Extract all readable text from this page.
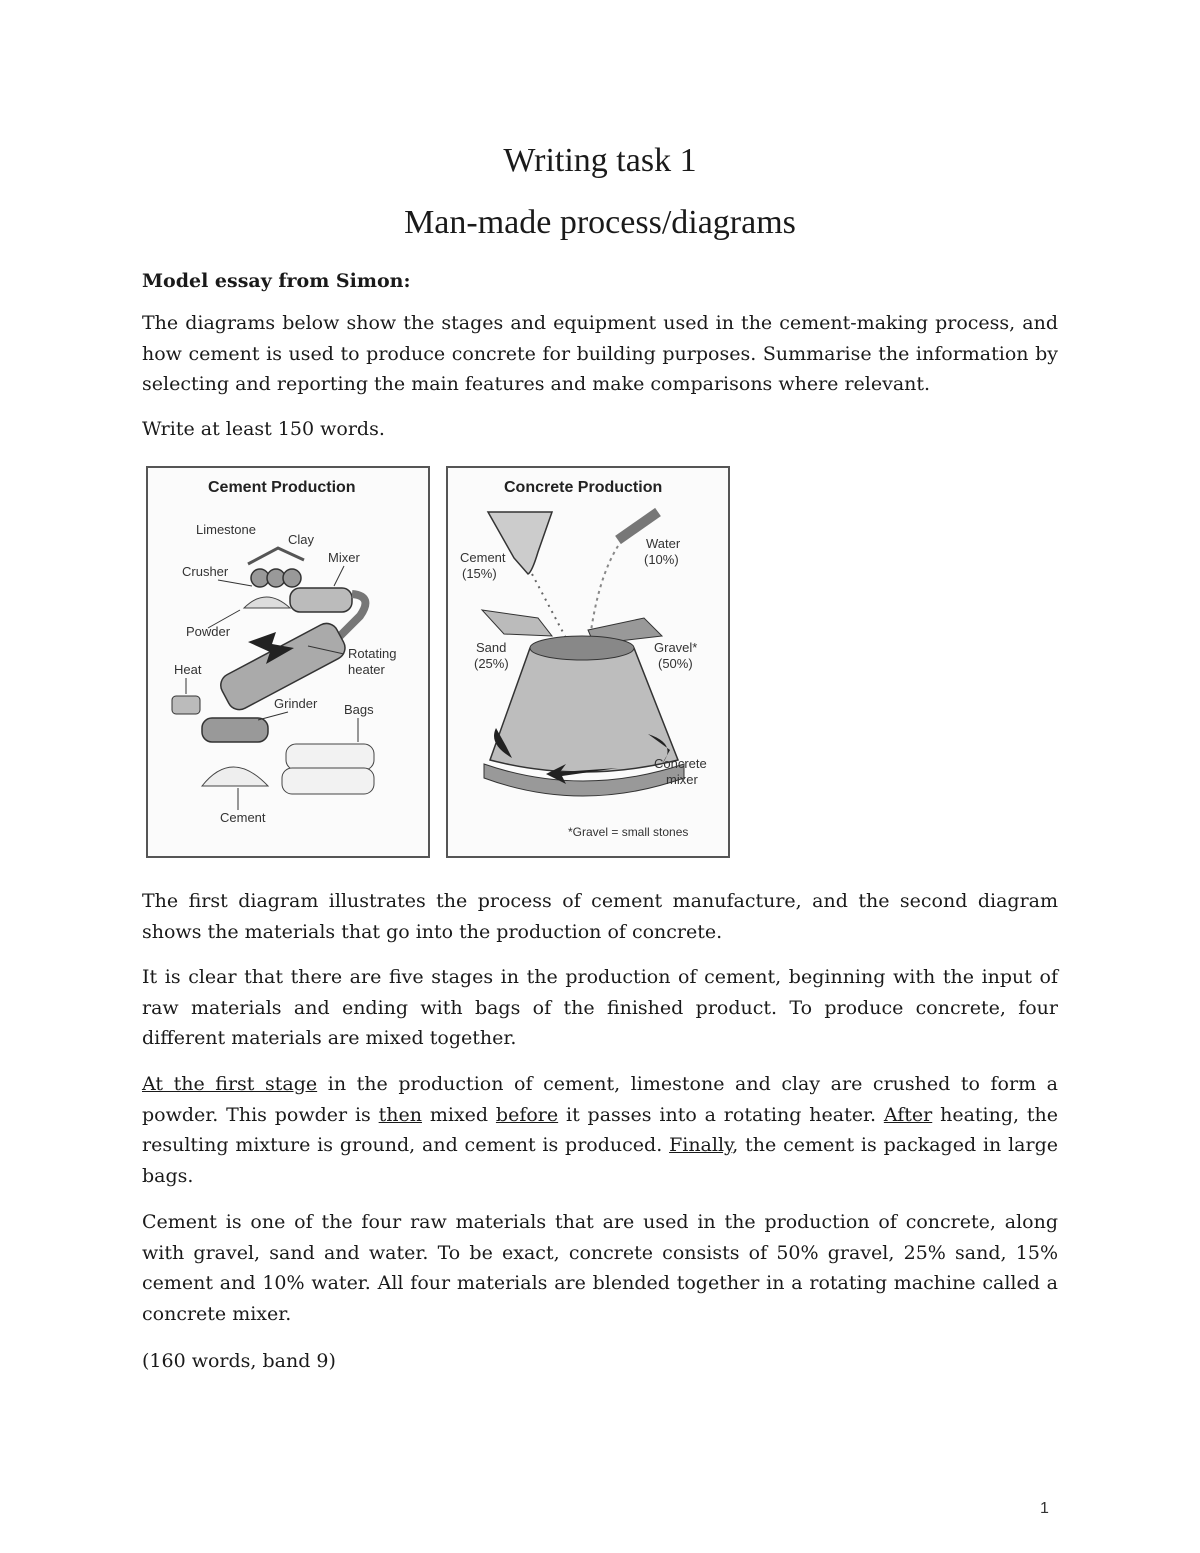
Writing task 1
Man-made process/diagrams
Model essay from Simon:
The diagrams below show the stages and equipment used in the cement-making process, and how cement is used to produce concrete for building purposes. Summarise the information by selecting and reporting the main features and make comparisons where relevant.
Write at least 150 words.
Cement Production
Limestone
Clay
Crusher
Mixer
Powder
Rotating
heater
Heat
Grinder Bags
Cement
Concrete Production
Cement
(15%)
Water
(10%)
Sand
(25%)
Gravel*
(50%)
Concrete
mixer
*Gravel = small stones
The first diagram illustrates the process of cement manufacture, and the second diagram shows the materials that go into the production of concrete.
It is clear that there are five stages in the production of cement, beginning with the input of raw materials and ending with bags of the finished product. To produce concrete, four different materials are mixed together.
At the first stage in the production of cement, limestone and clay are crushed to form a powder. This powder is then mixed before it passes into a rotating heater. After heating, the resulting mixture is ground, and cement is produced. Finally, the cement is packaged in large bags.
Cement is one of the four raw materials that are used in the production of concrete, along with gravel, sand and water. To be exact, concrete consists of 50% gravel, 25% sand, 15% cement and 10% water. All four materials are blended together in a rotating machine called a concrete mixer.
(160 words, band 9)
1
